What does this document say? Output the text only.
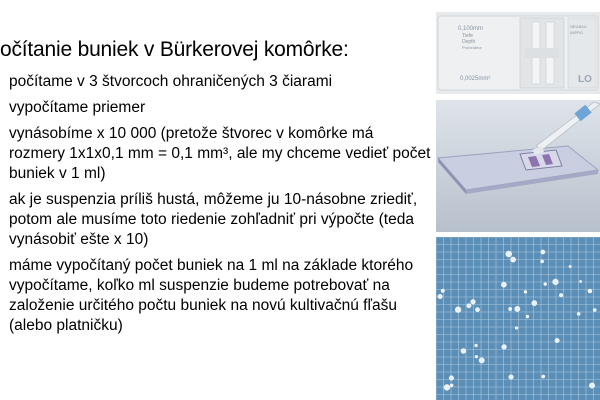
očítanie buniek v Bürkerovej komôrke:
počítame v 3 štvorcoch ohraničených 3 čiarami
vypočítame priemer
vynásobíme x 10 000 (pretože štvorec v komôrke má rozmery 1x1x0,1 mm = 0,1 mm³, ale my chceme vedieť počet buniek v 1 ml)
ak je suspenzia príliš hustá, môžeme ju 10-násobne zriediť, potom ale musíme toto riedenie zohľadniť pri výpočte (teda vynásobiť ešte x 10)
máme vypočítaný počet buniek na 1 ml na základe ktorého vypočítame, koľko ml suspenzie budeme potrebovať na založenie určitého počtu buniek na novú kultivačnú fľašu (alebo platničku)
0,100mm
Tiefe
Depth
Profondeur
0,0025mm²
NEUBAU
IMPRO
LO
